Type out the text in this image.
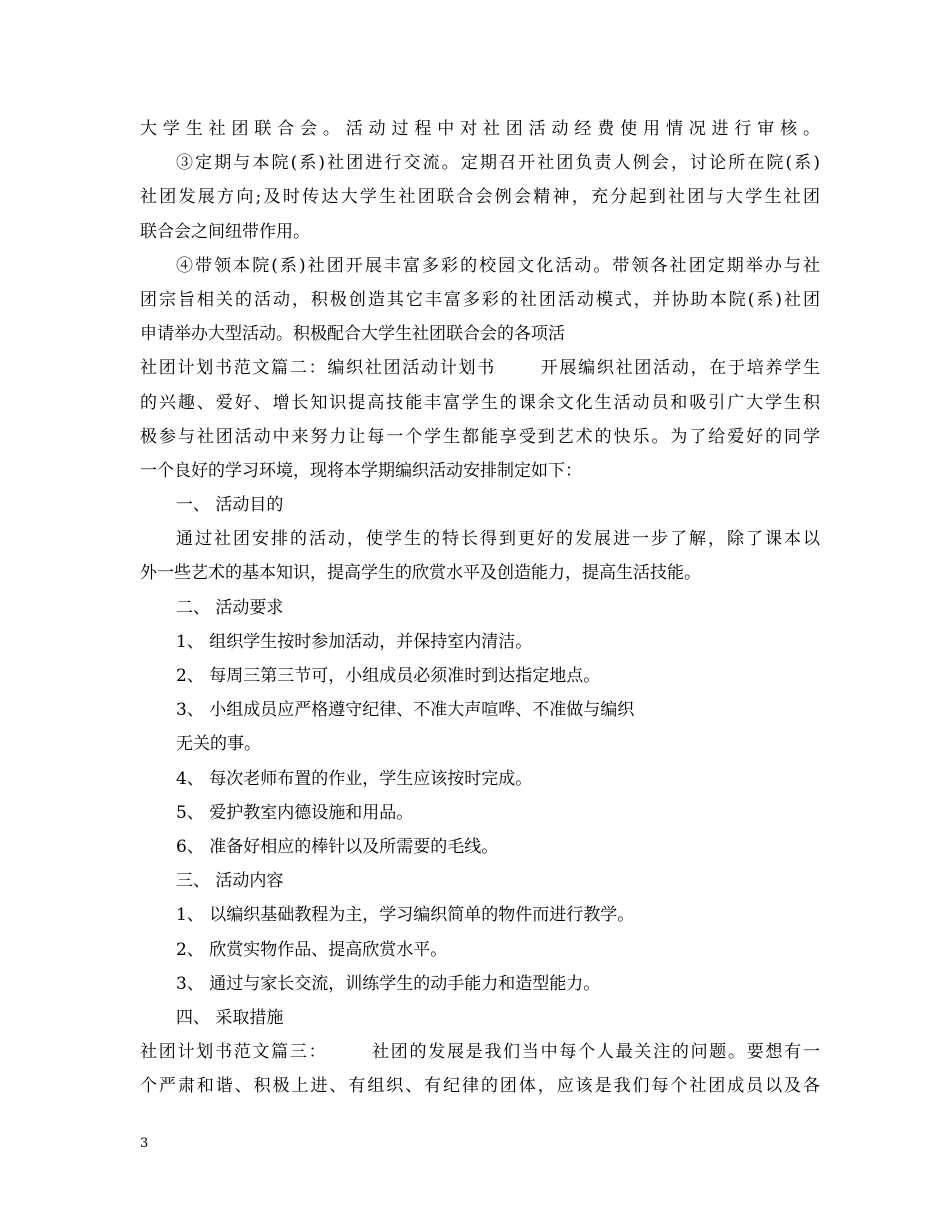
大学生社团联合会。活动过程中对社团活动经费使用情况进行审核。
③定期与本院(系)社团进行交流。定期召开社团负责人例会，讨论所在院(系)
社团发展方向;及时传达大学生社团联合会例会精神，充分起到社团与大学生社团
联合会之间纽带作用。
④带领本院(系)社团开展丰富多彩的校园文化活动。带领各社团定期举办与社
团宗旨相关的活动，积极创造其它丰富多彩的社团活动模式，并协助本院(系)社团
申请举办大型活动。积极配合大学生社团联合会的各项活
社团计划书范文篇二：编织社团活动计划书 　　开展编织社团活动，在于培养学生
的兴趣、爱好、增长知识提高技能丰富学生的课余文化生活动员和吸引广大学生积
极参与社团活动中来努力让每一个学生都能享受到艺术的快乐。为了给爱好的同学
一个良好的学习环境，现将本学期编织活动安排制定如下：
一、 活动目的
通过社团安排的活动，使学生的特长得到更好的发展进一步了解，除了课本以
外一些艺术的基本知识，提高学生的欣赏水平及创造能力，提高生活技能。
二、 活动要求
1、 组织学生按时参加活动，并保持室内清洁。
2、 每周三第三节可，小组成员必须准时到达指定地点。
3、 小组成员应严格遵守纪律、不准大声喧哗、不准做与编织
无关的事。
4、 每次老师布置的作业，学生应该按时完成。
5、 爱护教室内德设施和用品。
6、 准备好相应的棒针以及所需要的毛线。
三、 活动内容
1、 以编织基础教程为主，学习编织简单的物件而进行教学。
2、 欣赏实物作品、提高欣赏水平。
3、 通过与家长交流，训练学生的动手能力和造型能力。
四、 采取措施
社团计划书范文篇三： 　　社团的发展是我们当中每个人最关注的问题。要想有一
个严肃和谐、积极上进、有组织、有纪律的团体，应该是我们每个社团成员以及各
3
